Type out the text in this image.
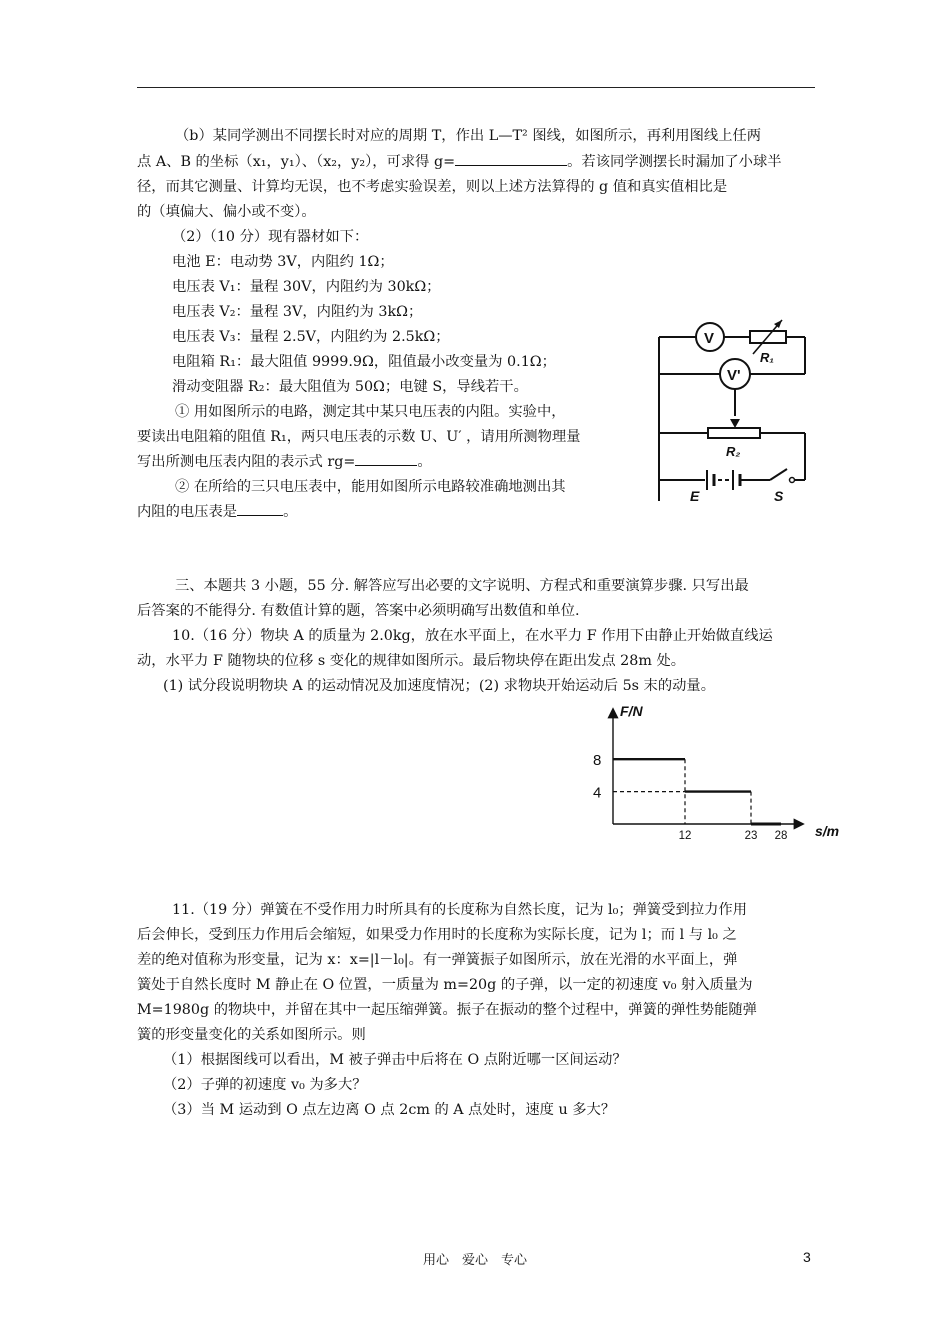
（b）某同学测出不同摆长时对应的周期 T，作出 L—T² 图线，如图所示，再利用图线上任两
点 A、B 的坐标（x₁，y₁）、（x₂，y₂），可求得 g=	。若该同学测摆长时漏加了小球半
径，而其它测量、计算均无误，也不考虑实验误差，则以上述方法算得的 g 值和真实值相比是
的（填偏大、偏小或不变）。
（2）（10 分）现有器材如下：
电池 E：电动势 3V，内阻约 1Ω；
电压表 V₁：量程 30V，内阻约为 30kΩ；
电压表 V₂：量程 3V，内阻约为 3kΩ；
电压表 V₃：量程 2.5V，内阻约为 2.5kΩ；
电阻箱 R₁：最大阻值 9999.9Ω，阻值最小改变量为 0.1Ω；
滑动变阻器 R₂：最大阻值为 50Ω；电键 S，导线若干。
① 用如图所示的电路，测定其中某只电压表的内阻。实验中，
要读出电阻箱的阻值 R₁，两只电压表的示数 U、U′ ，请用所测物理量
写出所测电压表内阻的表示式 rg=	。
② 在所给的三只电压表中，能用如图所示电路较准确地测出其
内阻的电压表是	。
V
R₁
V'
R₂
E	S
三、本题共 3 小题，55 分. 解答应写出必要的文字说明、方程式和重要演算步骤. 只写出最
后答案的不能得分. 有数值计算的题，答案中必须明确写出数值和单位.
10.（16 分）物块 A 的质量为 2.0kg，放在水平面上，在水平力 F 作用下由静止开始做直线运
动，水平力 F 随物块的位移 s 变化的规律如图所示。最后物块停在距出发点 28m 处。
(1) 试分段说明物块 A 的运动情况及加速度情况；(2) 求物块开始运动后 5s 末的动量。
F/N
s/m
8
4
12	23 28
11.（19 分）弹簧在不受作用力时所具有的长度称为自然长度，记为 l₀；弹簧受到拉力作用
后会伸长，受到压力作用后会缩短，如果受力作用时的长度称为实际长度，记为 l；而 l 与 l₀ 之
差的绝对值称为形变量，记为 x：x=|l－l₀|。有一弹簧振子如图所示，放在光滑的水平面上，弹
簧处于自然长度时 M 静止在 O 位置，一质量为 m=20g 的子弹，以一定的初速度 v₀ 射入质量为
M=1980g 的物块中，并留在其中一起压缩弹簧。振子在振动的整个过程中，弹簧的弹性势能随弹
簧的形变量变化的关系如图所示。则
（1）根据图线可以看出，M 被子弹击中后将在 O 点附近哪一区间运动？
（2）子弹的初速度 v₀ 为多大？
（3）当 M 运动到 O 点左边离 O 点 2cm 的 A 点处时，速度 u 多大？
用心　爱心　专心	3
